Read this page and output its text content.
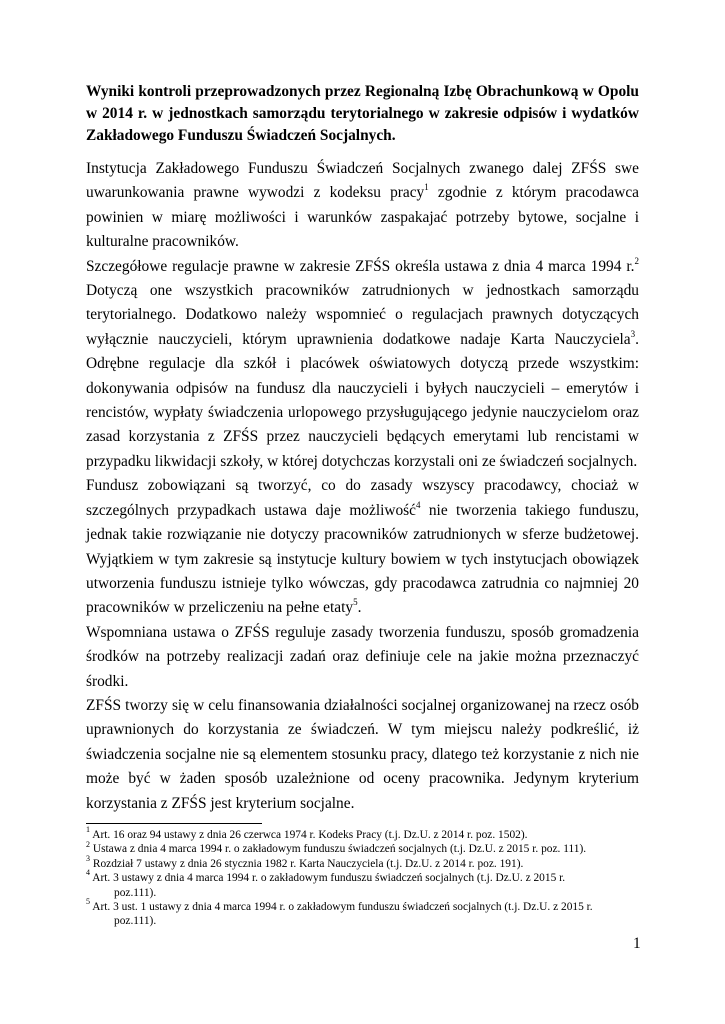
Wyniki kontroli przeprowadzonych przez Regionalną Izbę Obrachunkową w Opolu w 2014 r. w jednostkach samorządu terytorialnego w zakresie odpisów i wydatków Zakładowego Funduszu Świadczeń Socjalnych.

Instytucja Zakładowego Funduszu Świadczeń Socjalnych zwanego dalej ZFŚS swe uwarunkowania prawne wywodzi z kodeksu pracy$^1$ zgodnie z którym pracodawca powinien w miarę możliwości i warunków zaspakajać potrzeby bytowe, socjalne i kulturalne pracowników.

Szczegółowe regulacje prawne w zakresie ZFŚS określa ustawa z dnia 4 marca 1994 r.$^2$ Dotyczą one wszystkich pracowników zatrudnionych w jednostkach samorządu terytorialnego. Dodatkowo należy wspomnieć o regulacjach prawnych dotyczących wyłącznie nauczycieli, którym uprawnienia dodatkowe nadaje Karta Nauczyciela$^3$. Odrębne regulacje dla szkół i placówek oświatowych dotyczą przede wszystkim: dokonywania odpisów na fundusz dla nauczycieli i byłych nauczycieli – emerytów i rencistów, wypłaty świadczenia urlopowego przysługującego jedynie nauczycielom oraz zasad korzystania z ZFŚS przez nauczycieli będących emerytami lub rencistami w przypadku likwidacji szkoły, w której dotychczas korzystali oni ze świadczeń socjalnych.

Fundusz zobowiązani są tworzyć, co do zasady wszyscy pracodawcy, chociaż w szczególnych przypadkach ustawa daje możliwość$^4$ nie tworzenia takiego funduszu, jednak takie rozwiązanie nie dotyczy pracowników zatrudnionych w sferze budżetowej. Wyjątkiem w tym zakresie są instytucje kultury bowiem w tych instytucjach obowiązek utworzenia funduszu istnieje tylko wówczas, gdy pracodawca zatrudnia co najmniej 20 pracowników w przeliczeniu na pełne etaty$^5$.

Wspomniana ustawa o ZFŚS reguluje zasady tworzenia funduszu, sposób gromadzenia środków na potrzeby realizacji zadań oraz definiuje cele na jakie można przeznaczyć środki.

ZFŚS tworzy się w celu finansowania działalności socjalnej organizowanej na rzecz osób uprawnionych do korzystania ze świadczeń. W tym miejscu należy podkreślić, iż świadczenia socjalne nie są elementem stosunku pracy, dlatego też korzystanie z nich nie może być w żaden sposób uzależnione od oceny pracownika. Jedynym kryterium korzystania z ZFŚS jest kryterium socjalne.

$^1$ Art. 16 oraz 94 ustawy z dnia 26 czerwca 1974 r. Kodeks Pracy (t.j. Dz.U. z 2014 r. poz. 1502).

$^2$ Ustawa z dnia 4 marca 1994 r. o zakładowym funduszu świadczeń socjalnych (t.j. Dz.U. z 2015 r. poz. 111).

$^3$ Rozdział 7 ustawy z dnia 26 stycznia 1982 r. Karta Nauczyciela (t.j. Dz.U. z 2014 r. poz. 191).

$^4$ Art. 3 ustawy z dnia 4 marca 1994 r. o zakładowym funduszu świadczeń socjalnych (t.j. Dz.U. z 2015 r.
poz.111).

$^5$ Art. 3 ust. 1 ustawy z dnia 4 marca 1994 r. o zakładowym funduszu świadczeń socjalnych (t.j. Dz.U. z 2015 r.
poz.111).

1
